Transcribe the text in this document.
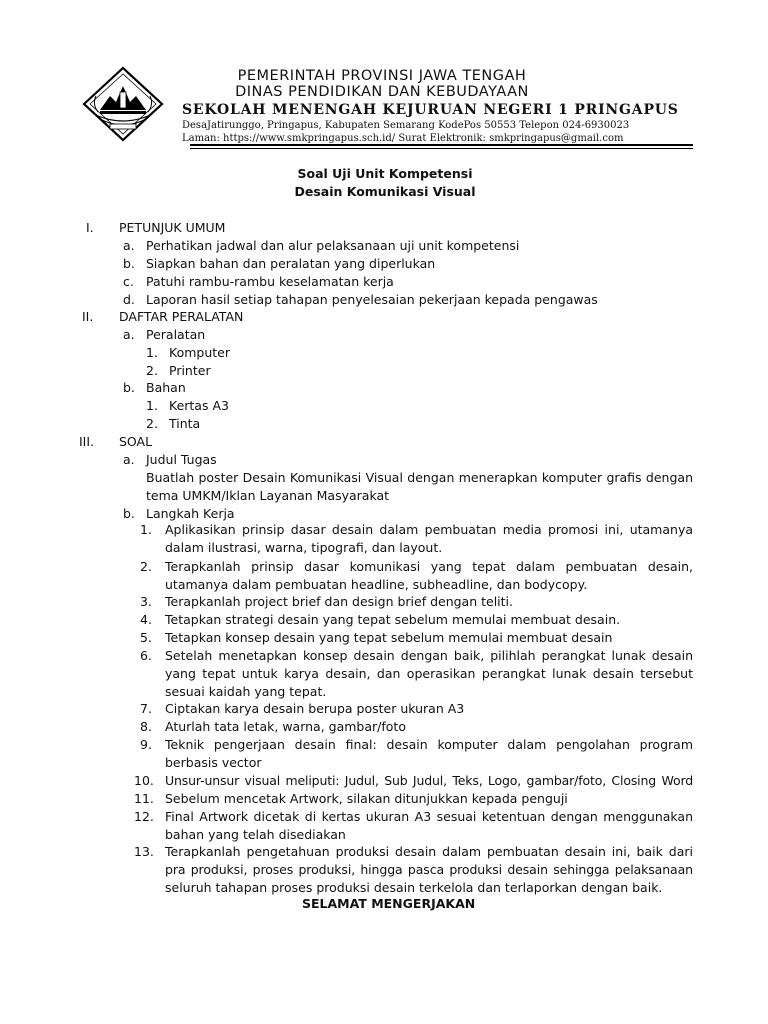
PEMERINTAH PROVINSI JAWA TENGAH
DINAS PENDIDIKAN DAN KEBUDAYAAN
SEKOLAH MENENGAH KEJURUAN NEGERI 1 PRINGAPUS
DesaJatirunggo, Pringapus, Kabupaten Semarang KodePos 50553 Telepon 024-6930023
Laman: https://www.smkpringapus.sch.id/ Surat Elektronik: smkpringapus@gmail.com
Soal Uji Unit Kompetensi
Desain Komunikasi Visual
I. PETUNJUK UMUM
a. Perhatikan jadwal dan alur pelaksanaan uji unit kompetensi
b. Siapkan bahan dan peralatan yang diperlukan
c. Patuhi rambu-rambu keselamatan kerja
d. Laporan hasil setiap tahapan penyelesaian pekerjaan kepada pengawas
II. DAFTAR PERALATAN
a. Peralatan
1. Komputer
2. Printer
b. Bahan
1. Kertas A3
2. Tinta
III. SOAL
a. Judul Tugas
Buatlah poster Desain Komunikasi Visual dengan menerapkan komputer grafis dengan
tema UMKM/Iklan Layanan Masyarakat
b. Langkah Kerja
1. Aplikasikan prinsip dasar desain dalam pembuatan media promosi ini, utamanya
dalam ilustrasi, warna, tipografi, dan layout.
2. Terapkanlah prinsip dasar komunikasi yang tepat dalam pembuatan desain,
utamanya dalam pembuatan headline, subheadline, dan bodycopy.
3. Terapkanlah project brief dan design brief dengan teliti.
4. Tetapkan strategi desain yang tepat sebelum memulai membuat desain.
5. Tetapkan konsep desain yang tepat sebelum memulai membuat desain
6. Setelah menetapkan konsep desain dengan baik, pilihlah perangkat lunak desain
yang tepat untuk karya desain, dan operasikan perangkat lunak desain tersebut
sesuai kaidah yang tepat.
7. Ciptakan karya desain berupa poster ukuran A3
8. Aturlah tata letak, warna, gambar/foto
9. Teknik pengerjaan desain final: desain komputer dalam pengolahan program
berbasis vector
10. Unsur-unsur visual meliputi: Judul, Sub Judul, Teks, Logo, gambar/foto, Closing Word
11. Sebelum mencetak Artwork, silakan ditunjukkan kepada penguji
12. Final Artwork dicetak di kertas ukuran A3 sesuai ketentuan dengan menggunakan
bahan yang telah disediakan
13. Terapkanlah pengetahuan produksi desain dalam pembuatan desain ini, baik dari
pra produksi, proses produksi, hingga pasca produksi desain sehingga pelaksanaan
seluruh tahapan proses produksi desain terkelola dan terlaporkan dengan baik.
SELAMAT MENGERJAKAN
